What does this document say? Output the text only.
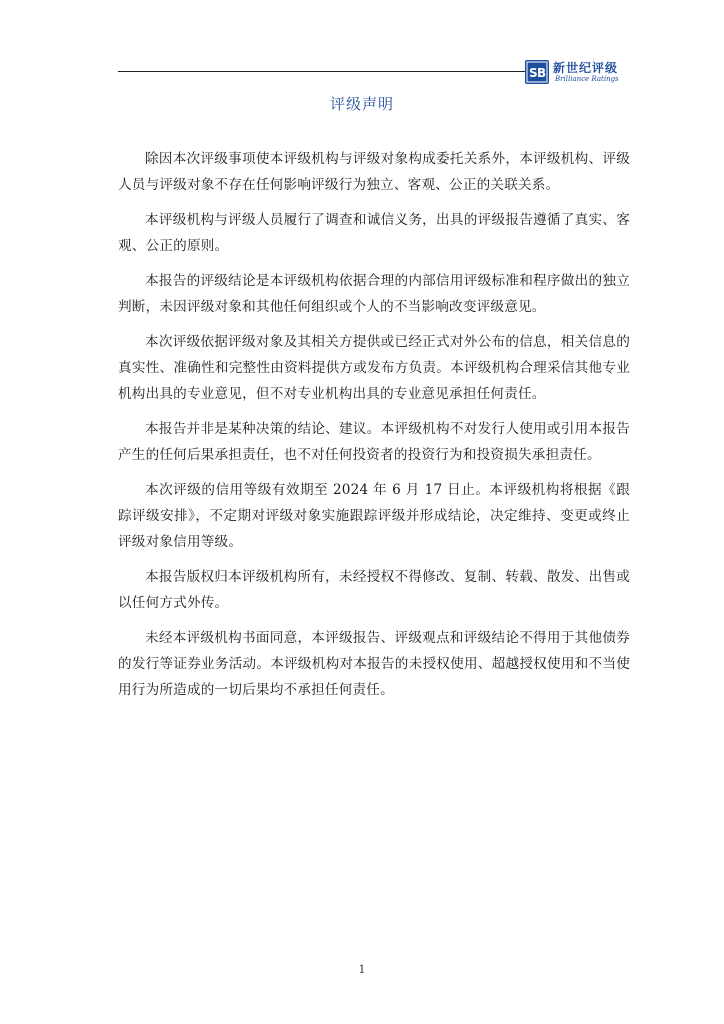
S B 新世纪评级
Brilliance Ratings
评级声明

除因本次评级事项使本评级机构与评级对象构成委托关系外，本评级机构、评级人员与评级对象不存在任何影响评级行为独立、客观、公正的关联关系。

本评级机构与评级人员履行了调查和诚信义务，出具的评级报告遵循了真实、客观、公正的原则。

本报告的评级结论是本评级机构依据合理的内部信用评级标准和程序做出的独立判断，未因评级对象和其他任何组织或个人的不当影响改变评级意见。

本次评级依据评级对象及其相关方提供或已经正式对外公布的信息，相关信息的真实性、准确性和完整性由资料提供方或发布方负责。本评级机构合理采信其他专业机构出具的专业意见，但不对专业机构出具的专业意见承担任何责任。

本报告并非是某种决策的结论、建议。本评级机构不对发行人使用或引用本报告产生的任何后果承担责任，也不对任何投资者的投资行为和投资损失承担责任。

本次评级的信用等级有效期至 2024 年 6 月 17 日止。本评级机构将根据《跟踪评级安排》，不定期对评级对象实施跟踪评级并形成结论，决定维持、变更或终止评级对象信用等级。

本报告版权归本评级机构所有，未经授权不得修改、复制、转载、散发、出售或以任何方式外传。

未经本评级机构书面同意，本评级报告、评级观点和评级结论不得用于其他债券的发行等证券业务活动。本评级机构对本报告的未授权使用、超越授权使用和不当使用行为所造成的一切后果均不承担任何责任。

1
